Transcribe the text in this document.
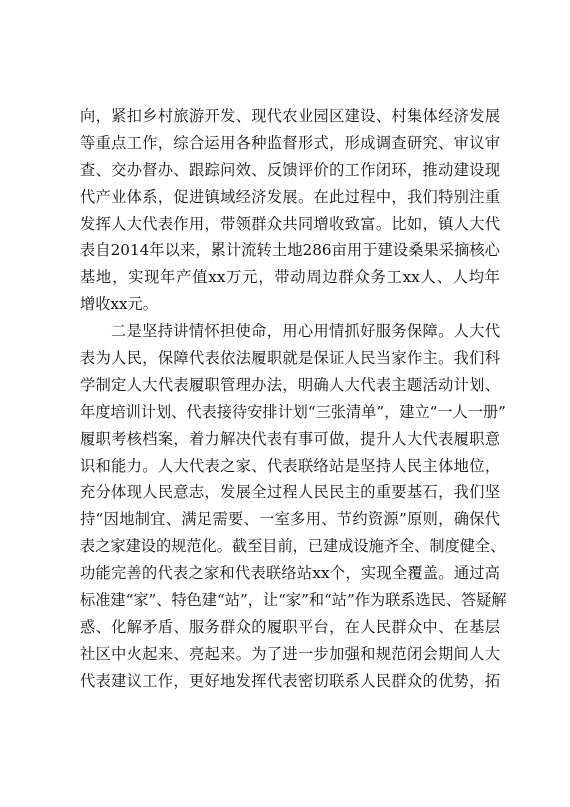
向，紧扣乡村旅游开发、现代农业园区建设、村集体经济发展
等重点工作，综合运用各种监督形式，形成调查研究、审议审
查、交办督办、跟踪问效、反馈评价的工作闭环，推动建设现
代产业体系，促进镇域经济发展。在此过程中，我们特别注重
发挥人大代表作用，带领群众共同增收致富。比如，镇人大代
表自2014年以来，累计流转土地286亩用于建设桑果采摘核心
基地，实现年产值xx万元，带动周边群众务工xx人、人均年
增收xx元。
二是坚持讲情怀担使命，用心用情抓好服务保障。人大代
表为人民，保障代表依法履职就是保证人民当家作主。我们科
学制定人大代表履职管理办法，明确人大代表主题活动计划、
年度培训计划、代表接待安排计划“三张清单”，建立“一人一册”
履职考核档案，着力解决代表有事可做，提升人大代表履职意
识和能力。人大代表之家、代表联络站是坚持人民主体地位，
充分体现人民意志，发展全过程人民民主的重要基石，我们坚
持“因地制宜、满足需要、一室多用、节约资源”原则，确保代
表之家建设的规范化。截至目前，已建成设施齐全、制度健全、
功能完善的代表之家和代表联络站xx个，实现全覆盖。通过高
标准建“家”、特色建“站”，让“家”和“站”作为联系选民、答疑解
惑、化解矛盾、服务群众的履职平台，在人民群众中、在基层
社区中火起来、亮起来。为了进一步加强和规范闭会期间人大
代表建议工作，更好地发挥代表密切联系人民群众的优势，拓
